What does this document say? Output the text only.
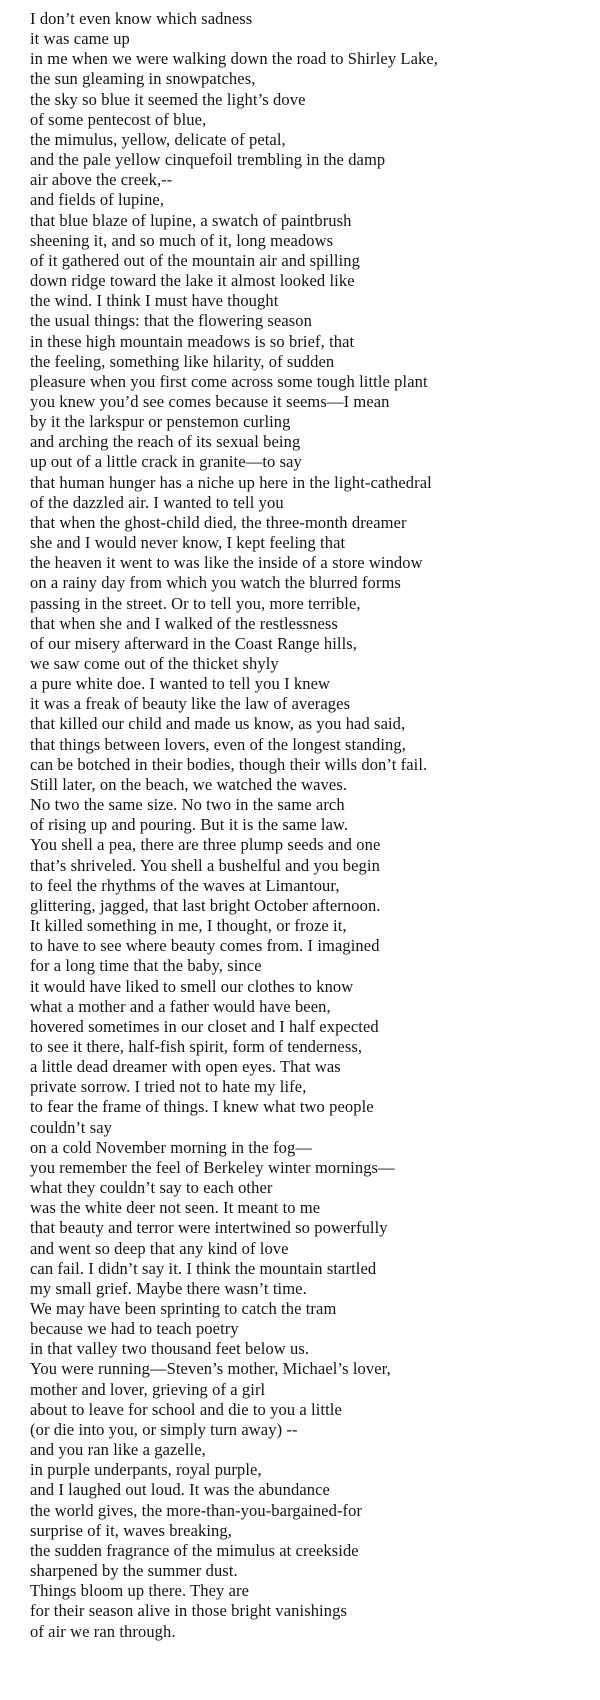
I don’t even know which sadness
it was came up
in me when we were walking down the road to Shirley Lake,
the sun gleaming in snowpatches,
the sky so blue it seemed the light’s dove
of some pentecost of blue,
the mimulus, yellow, delicate of petal,
and the pale yellow cinquefoil trembling in the damp
air above the creek,--
and fields of lupine,
that blue blaze of lupine, a swatch of paintbrush
sheening it, and so much of it, long meadows
of it gathered out of the mountain air and spilling
down ridge toward the lake it almost looked like
the wind. I think I must have thought
the usual things: that the flowering season
in these high mountain meadows is so brief, that
the feeling, something like hilarity, of sudden
pleasure when you first come across some tough little plant
you knew you’d see comes because it seems––I mean
by it the larkspur or penstemon curling
and arching the reach of its sexual being
up out of a little crack in granite––to say
that human hunger has a niche up here in the light-cathedral
of the dazzled air. I wanted to tell you
that when the ghost-child died, the three-month dreamer
she and I would never know, I kept feeling that
the heaven it went to was like the inside of a store window
on a rainy day from which you watch the blurred forms
passing in the street. Or to tell you, more terrible,
that when she and I walked of the restlessness
of our misery afterward in the Coast Range hills,
we saw come out of the thicket shyly
a pure white doe. I wanted to tell you I knew
it was a freak of beauty like the law of averages
that killed our child and made us know, as you had said,
that things between lovers, even of the longest standing,
can be botched in their bodies, though their wills don’t fail.
Still later, on the beach, we watched the waves.
No two the same size. No two in the same arch
of rising up and pouring. But it is the same law.
You shell a pea, there are three plump seeds and one
that’s shriveled. You shell a bushelful and you begin
to feel the rhythms of the waves at Limantour,
glittering, jagged, that last bright October afternoon.
It killed something in me, I thought, or froze it,
to have to see where beauty comes from. I imagined
for a long time that the baby, since
it would have liked to smell our clothes to know
what a mother and a father would have been,
hovered sometimes in our closet and I half expected
to see it there, half-fish spirit, form of tenderness,
a little dead dreamer with open eyes. That was
private sorrow. I tried not to hate my life,
to fear the frame of things. I knew what two people
couldn’t say
on a cold November morning in the fog––
you remember the feel of Berkeley winter mornings—
what they couldn’t say to each other
was the white deer not seen. It meant to me
that beauty and terror were intertwined so powerfully
and went so deep that any kind of love
can fail. I didn’t say it. I think the mountain startled
my small grief. Maybe there wasn’t time.
We may have been sprinting to catch the tram
because we had to teach poetry
in that valley two thousand feet below us.
You were running—Steven’s mother, Michael’s lover,
mother and lover, grieving of a girl
about to leave for school and die to you a little
(or die into you, or simply turn away) --
and you ran like a gazelle,
in purple underpants, royal purple,
and I laughed out loud. It was the abundance
the world gives, the more-than-you-bargained-for
surprise of it, waves breaking,
the sudden fragrance of the mimulus at creekside
sharpened by the summer dust.
Things bloom up there. They are
for their season alive in those bright vanishings
of air we ran through.
